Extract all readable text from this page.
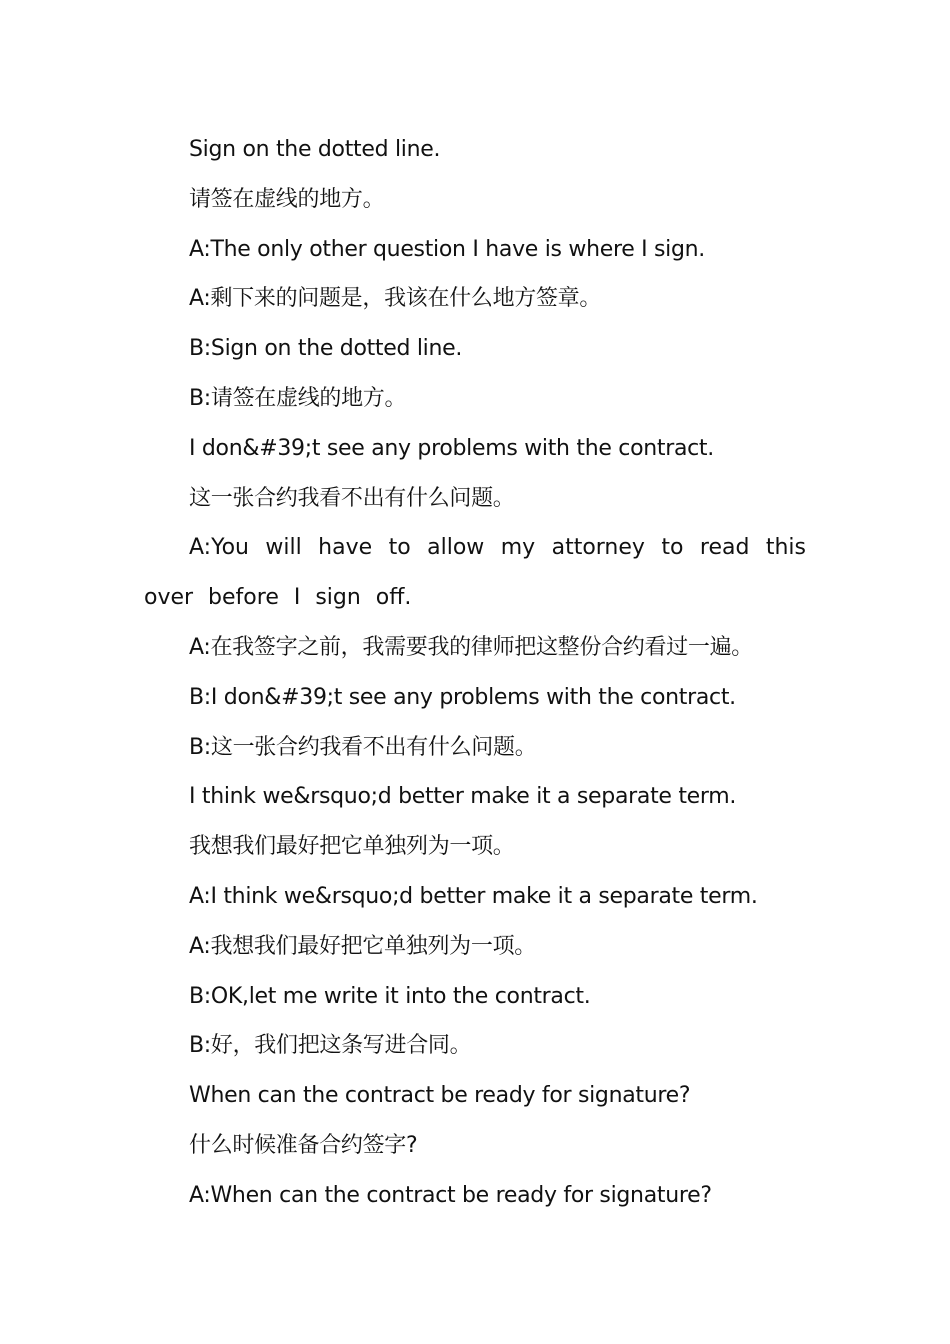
Sign on the dotted line.

请签在虚线的地方。

A:The only other question I have is where I sign.

A:剩下来的问题是，我该在什么地方签章。

B:Sign on the dotted line.

B:请签在虚线的地方。

I don&#39;t see any problems with the contract.

这一张合约我看不出有什么问题。

A:You will have to allow my attorney to read this over before I sign off.

A:在我签字之前，我需要我的律师把这整份合约看过一遍。

B:I don&#39;t see any problems with the contract.

B:这一张合约我看不出有什么问题。

I think we&rsquo;d better make it a separate term.

我想我们最好把它单独列为一项。

A:I think we&rsquo;d better make it a separate term.

A:我想我们最好把它单独列为一项。

B:OK,let me write it into the contract.

B:好，我们把这条写进合同。

When can the contract be ready for signature?

什么时候准备合约签字?

A:When can the contract be ready for signature?
